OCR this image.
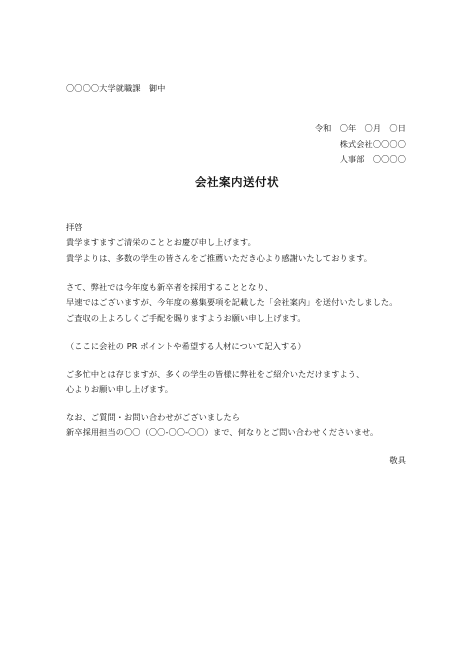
〇〇〇〇大学就職課　御中
令和　〇年　〇月　〇日
株式会社〇〇〇〇
人事部　〇〇〇〇
会社案内送付状
拝啓
貴学ますますご清栄のこととお慶び申し上げます。
貴学よりは、多数の学生の皆さんをご推薦いただき心より感謝いたしております。
さて、弊社では今年度も新卒者を採用することとなり、
早速ではございますが、今年度の募集要項を記載した「会社案内」を送付いたしました。
ご査収の上よろしくご手配を賜りますようお願い申し上げます。
（ここに会社の PR ポイントや希望する人材について記入する）
ご多忙中とは存じますが、多くの学生の皆様に弊社をご紹介いただけますよう、
心よりお願い申し上げます。
なお、ご質問・お問い合わせがございましたら
新卒採用担当の〇〇（〇〇-〇〇-〇〇）まで、何なりとご問い合わせくださいませ。
敬具
